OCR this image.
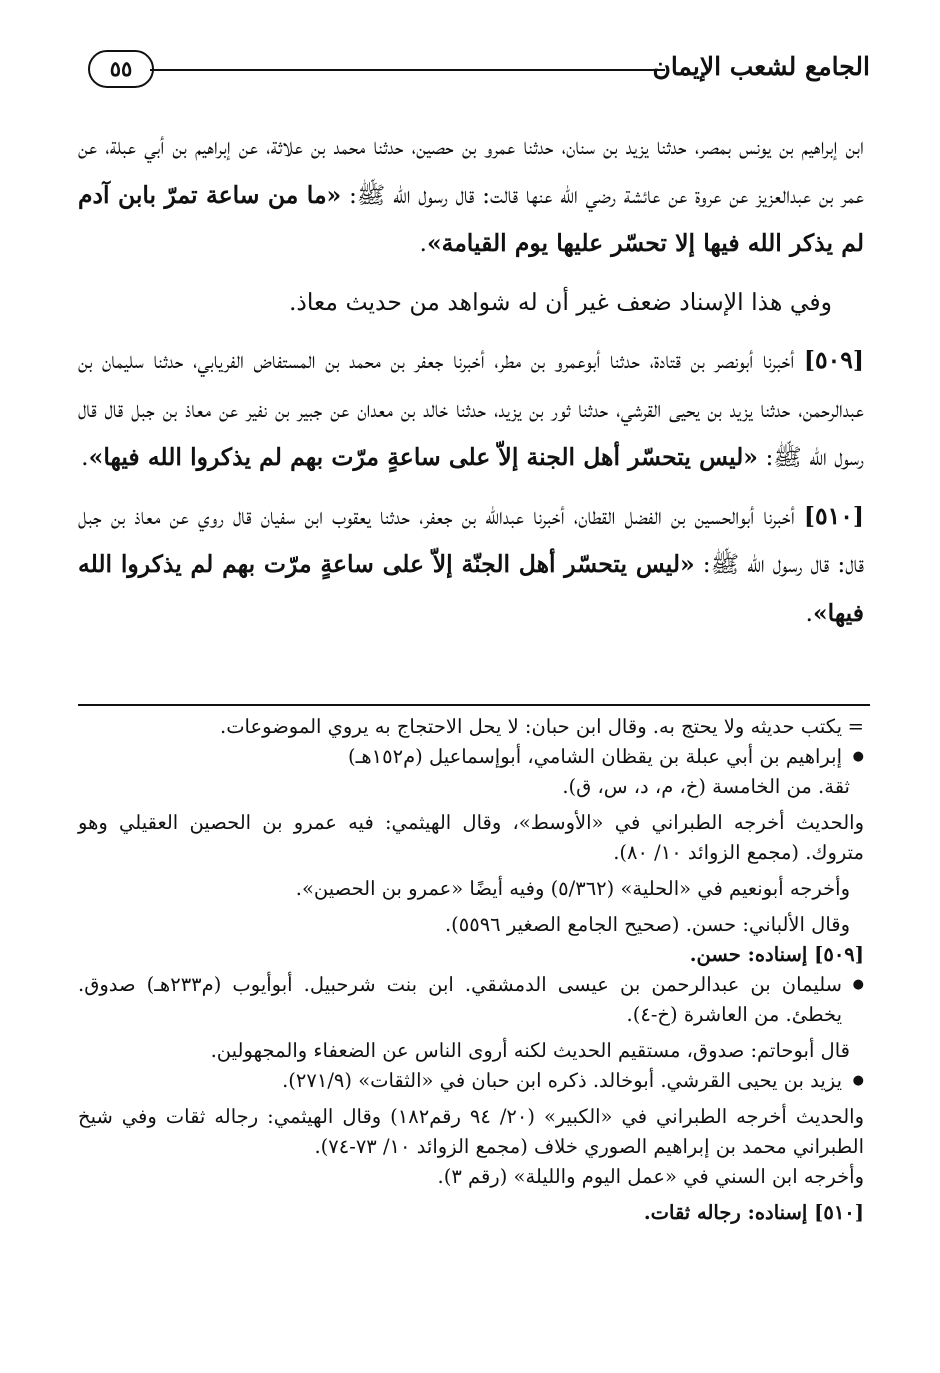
الجامع لشعب الإيمان
٥٥

ابن إبراهيم بن يونس بمصر، حدثنا يزيد بن سنان، حدثنا عمرو بن حصين، حدثنا محمد بن علاثة، عن إبراهيم بن أبي عبلة، عن عمر بن عبدالعزيز عن عروة عن عائشة رضي الله عنها قالت: قال رسول الله ﷺ: «ما من ساعة تمرّ بابن آدم لم يذكر الله فيها إلا تحسّر عليها يوم القيامة».

وفي هذا الإسناد ضعف غير أن له شواهد من حديث معاذ.

[٥٠٩] أخبرنا أبونصر بن قتادة، حدثنا أبوعمرو بن مطر، أخبرنا جعفر بن محمد بن المستفاض الفريابي، حدثنا سليمان بن عبدالرحمن، حدثنا يزيد بن يحيى القرشي، حدثنا ثور بن يزيد، حدثنا خالد بن معدان عن جبير بن نفير عن معاذ بن جبل قال قال رسول الله ﷺ: «ليس يتحسّر أهل الجنة إلاّ على ساعةٍ مرّت بهم لم يذكروا الله فيها».

[٥١٠] أخبرنا أبوالحسين بن الفضل القطان، أخبرنا عبدالله بن جعفر، حدثنا يعقوب ابن سفيان قال روي عن معاذ بن جبل قال: قال رسول الله ﷺ: «ليس يتحسّر أهل الجنّة إلاّ على ساعةٍ مرّت بهم لم يذكروا الله فيها».

= يكتب حديثه ولا يحتج به. وقال ابن حبان: لا يحل الاحتجاج به يروي الموضوعات.

● إبراهيم بن أبي عبلة بن يقظان الشامي، أبوإسماعيل (م١٥٢هـ)

ثقة. من الخامسة (خ، م، د، س، ق).

والحديث أخرجه الطبراني في «الأوسط»، وقال الهيثمي: فيه عمرو بن الحصين العقيلي وهو متروك. (مجمع الزوائد ١٠/ ٨٠).

وأخرجه أبونعيم في «الحلية» (٥/٣٦٢) وفيه أيضًا «عمرو بن الحصين».

وقال الألباني: حسن. (صحيح الجامع الصغير ٥٥٩٦).

[٥٠٩] إسناده: حسن.

● سليمان بن عبدالرحمن بن عيسى الدمشقي. ابن بنت شرحبيل. أبوأيوب (م٢٣٣هـ) صدوق. يخطئ. من العاشرة (خ-٤).

قال أبوحاتم: صدوق، مستقيم الحديث لكنه أروى الناس عن الضعفاء والمجهولين.

● يزيد بن يحيى القرشي. أبوخالد. ذكره ابن حبان في «الثقات» (٢٧١/٩).

والحديث أخرجه الطبراني في «الكبير» (٢٠/ ٩٤ رقم١٨٢) وقال الهيثمي: رجاله ثقات وفي شيخ الطبراني محمد بن إبراهيم الصوري خلاف (مجمع الزوائد ١٠/ ٧٣-٧٤).

وأخرجه ابن السني في «عمل اليوم والليلة» (رقم ٣).

[٥١٠] إسناده: رجاله ثقات.
